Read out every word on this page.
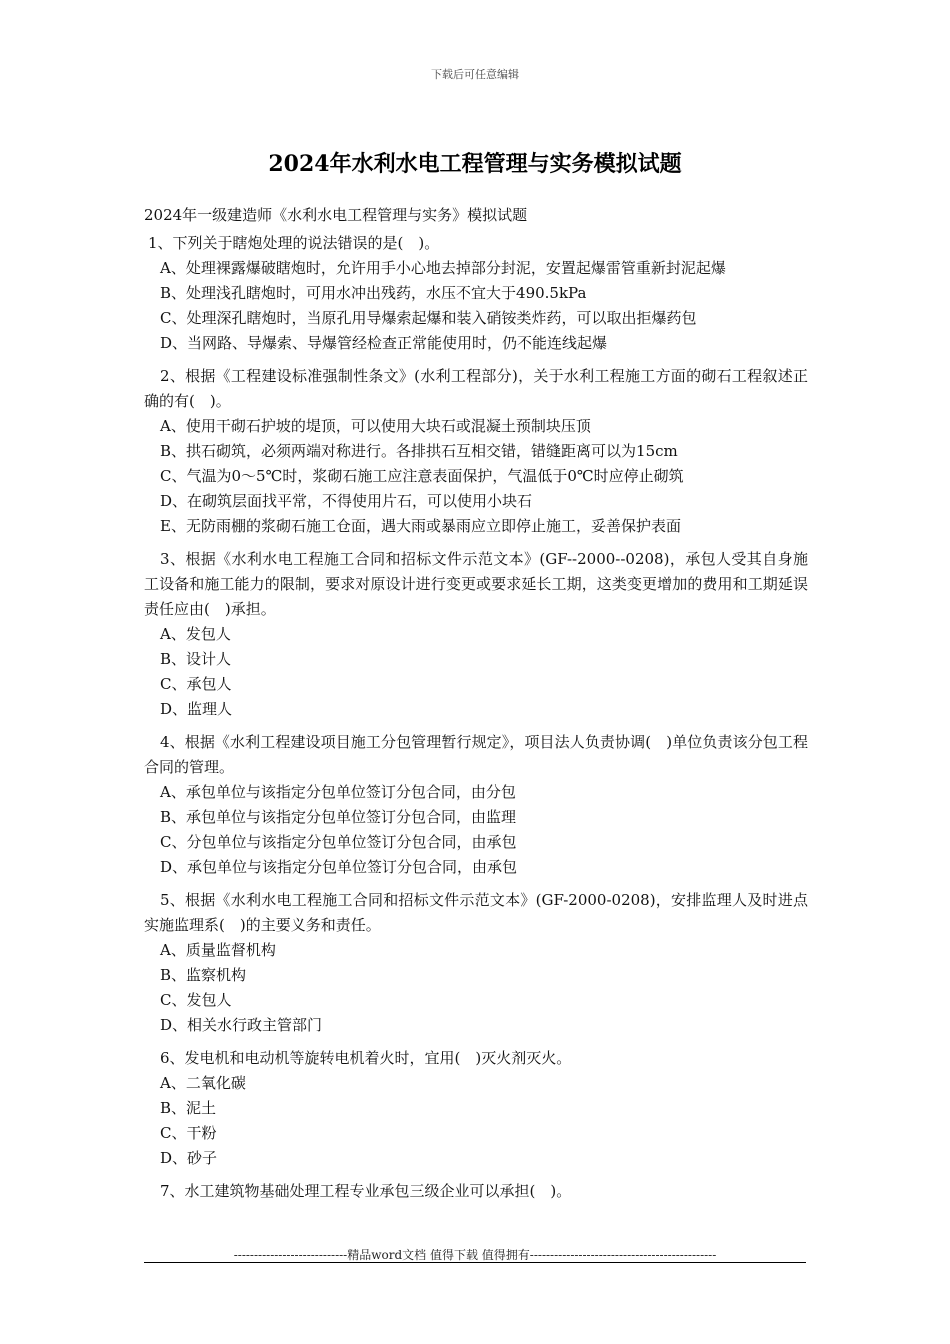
下载后可任意编辑
2024年水利水电工程管理与实务模拟试题

2024年一级建造师《水利水电工程管理与实务》模拟试题

1、下列关于瞎炮处理的说法错误的是(　)。

A、处理裸露爆破瞎炮时，允许用手小心地去掉部分封泥，安置起爆雷管重新封泥起爆

B、处理浅孔瞎炮时，可用水冲出残药，水压不宜大于490.5kPa

C、处理深孔瞎炮时，当原孔用导爆索起爆和装入硝铵类炸药，可以取出拒爆药包

D、当网路、导爆索、导爆管经检查正常能使用时，仍不能连线起爆

2、根据《工程建设标准强制性条文》(水利工程部分)，关于水利工程施工方面的砌石工程叙述正确的有(　)。

A、使用干砌石护坡的堤顶，可以使用大块石或混凝土预制块压顶

B、拱石砌筑，必须两端对称进行。各排拱石互相交错，错缝距离可以为15cm

C、气温为0～5℃时，浆砌石施工应注意表面保护，气温低于0℃时应停止砌筑

D、在砌筑层面找平常，不得使用片石，可以使用小块石

E、无防雨棚的浆砌石施工仓面，遇大雨或暴雨应立即停止施工，妥善保护表面

3、根据《水利水电工程施工合同和招标文件示范文本》(GF--2000--0208)，承包人受其自身施工设备和施工能力的限制，要求对原设计进行变更或要求延长工期，这类变更增加的费用和工期延误责任应由(　)承担。

A、发包人

B、设计人

C、承包人

D、监理人

4、根据《水利工程建设项目施工分包管理暂行规定》，项目法人负责协调(　)单位负责该分包工程合同的管理。

A、承包单位与该指定分包单位签订分包合同，由分包

B、承包单位与该指定分包单位签订分包合同，由监理

C、分包单位与该指定分包单位签订分包合同，由承包

D、承包单位与该指定分包单位签订分包合同，由承包

5、根据《水利水电工程施工合同和招标文件示范文本》(GF-2000-0208)，安排监理人及时进点实施监理系(　)的主要义务和责任。

A、质量监督机构

B、监察机构

C、发包人

D、相关水行政主管部门

6、发电机和电动机等旋转电机着火时，宜用(　)灭火剂灭火。

A、二氧化碳

B、泥土

C、干粉

D、砂子

7、水工建筑物基础处理工程专业承包三级企业可以承担(　)。

----------------------------精品word文档 值得下载 值得拥有----------------------------------------------
